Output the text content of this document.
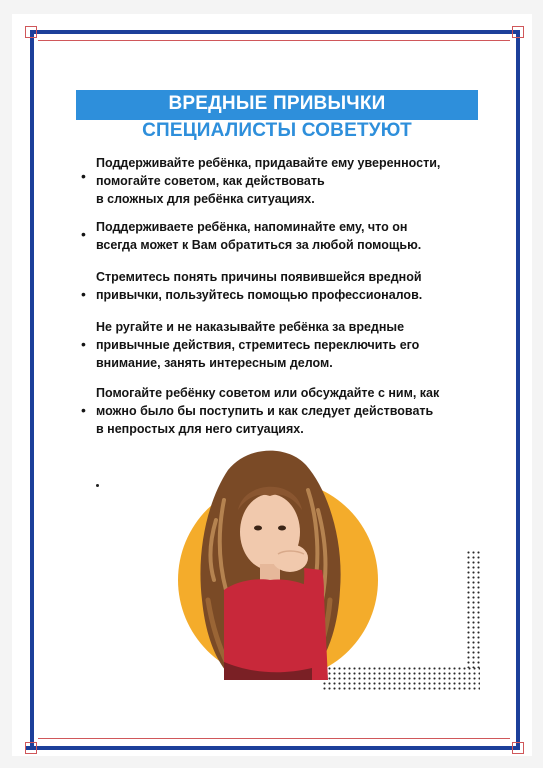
ВРЕДНЫЕ ПРИВЫЧКИ
СПЕЦИАЛИСТЫ СОВЕТУЮТ
•
Поддерживайте ребёнка, придавайте ему уверенности,
помогайте советом, как действовать
в сложных для ребёнка ситуациях.
• Поддерживаете ребёнка, напоминайте ему, что он
всегда может к Вам обратиться за любой помощью.
•
Стремитесь понять причины появившейся вредной
привычки, пользуйтесь помощью профессионалов.
•
Не ругайте и не наказывайте ребёнка за вредные
привычные действия, стремитесь переключить его
внимание, занять интересным делом.
•
Помогайте ребёнку советом или обсуждайте с ним, как
можно было бы поступить и как следует действовать
в непростых для него ситуациях.
